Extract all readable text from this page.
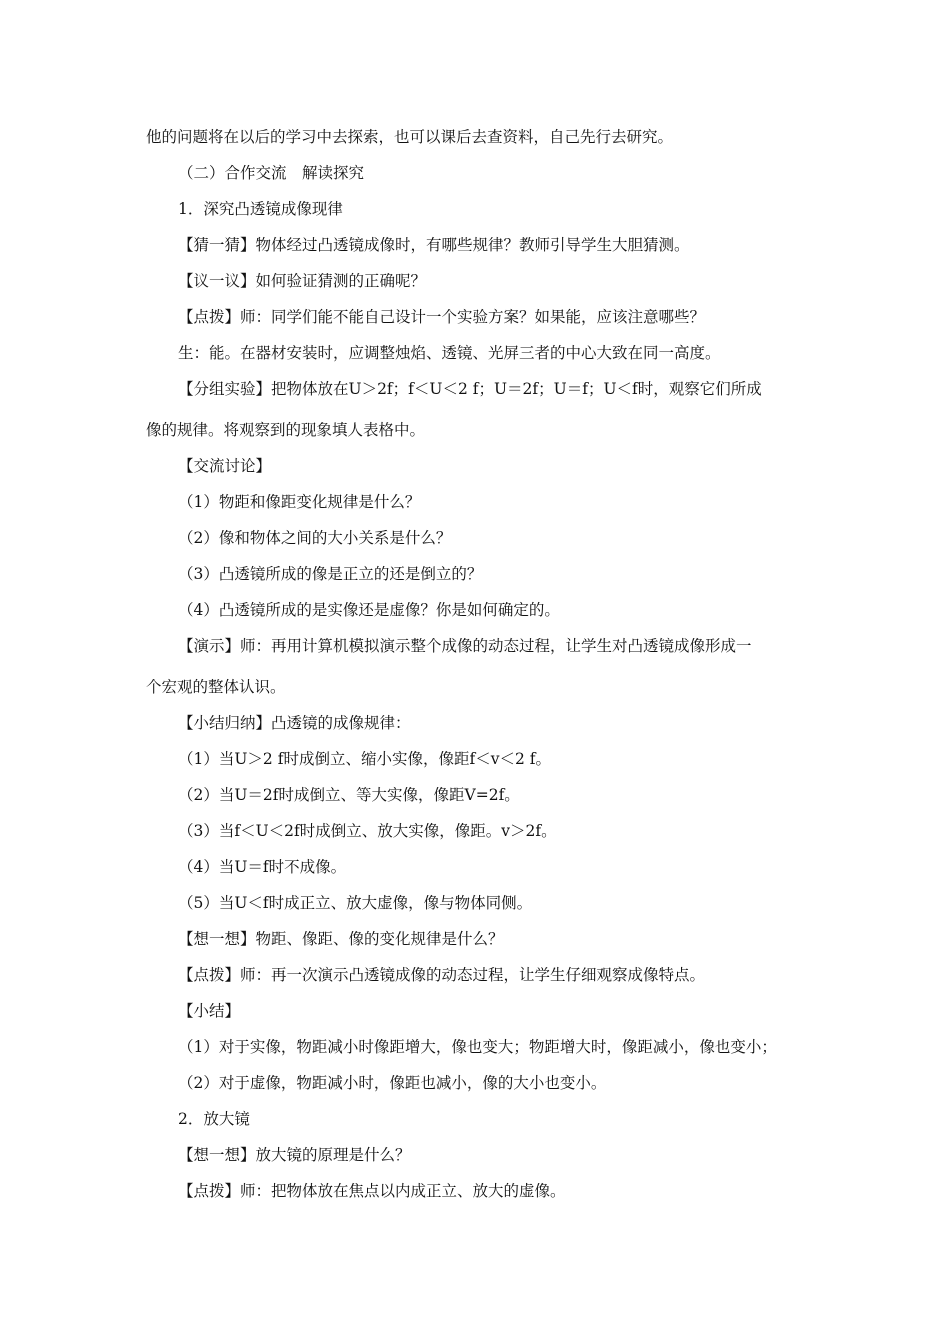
他的问题将在以后的学习中去探索，也可以课后去查资料，自己先行去研究。
（二）合作交流　解读探究
1．深究凸透镜成像现律
【猜一猜】物体经过凸透镜成像时，有哪些规律？教师引导学生大胆猜测。
【议一议】如何验证猜测的正确呢？
【点拨】师：同学们能不能自己设计一个实验方案？如果能，应该注意哪些？
生：能。在器材安装时，应调整烛焰、透镜、光屏三者的中心大致在同一高度。
【分组实验】把物体放在U＞2f；f＜U＜2 f；U＝2f；U＝f；U＜f时，观察它们所成
像的规律。将观察到的现象填人表格中。
【交流讨论】
（1）物距和像距变化规律是什么？
（2）像和物体之间的大小关系是什么？
（3）凸透镜所成的像是正立的还是倒立的？
（4）凸透镜所成的是实像还是虚像？你是如何确定的。
【演示】师：再用计算机模拟演示整个成像的动态过程，让学生对凸透镜成像形成一
个宏观的整体认识。
【小结归纳】凸透镜的成像规律：
（1）当U＞2 f时成倒立、缩小实像，像距f＜v＜2 f。
（2）当U＝2f时成倒立、等大实像，像距V=2f。
（3）当f＜U＜2f时成倒立、放大实像，像距。v＞2f。
（4）当U＝f时不成像。
（5）当U＜f时成正立、放大虚像，像与物体同侧。
【想一想】物距、像距、像的变化规律是什么？
【点拨】师：再一次演示凸透镜成像的动态过程，让学生仔细观察成像特点。
【小结】
（1）对于实像，物距减小时像距增大，像也变大；物距增大时，像距减小，像也变小；
（2）对于虚像，物距减小时，像距也减小，像的大小也变小。
2．放大镜
【想一想】放大镜的原理是什么？
【点拨】师：把物体放在焦点以内成正立、放大的虚像。
